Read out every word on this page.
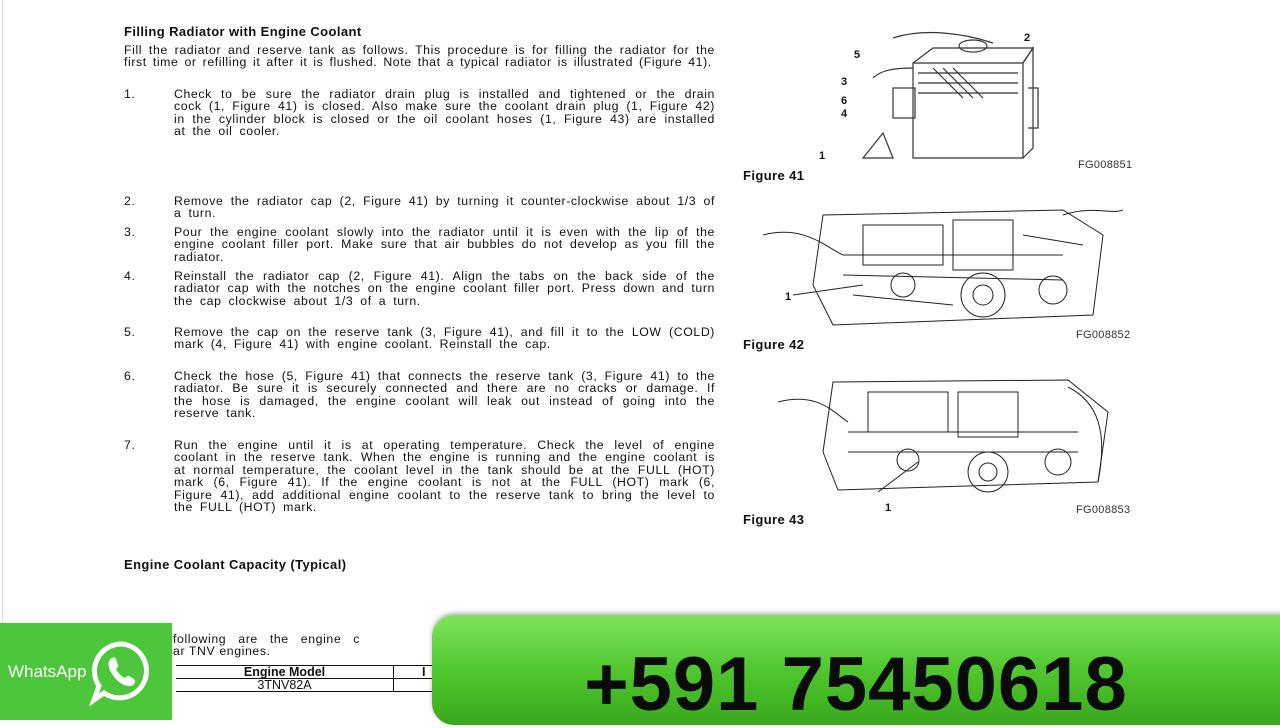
Filling Radiator with Engine Coolant
Fill the radiator and reserve tank as follows. This procedure is for filling the radiator for the first time or refilling it after it is flushed. Note that a typical radiator is illustrated (Figure 41).
1.	Check to be sure the radiator drain plug is installed and tightened or the drain cock (1, Figure 41) is closed. Also make sure the coolant drain plug (1, Figure 42) in the cylinder block is closed or the oil coolant hoses (1, Figure 43) are installed at the oil cooler.
2.	Remove the radiator cap (2, Figure 41) by turning it counter-clockwise about 1/3 of a turn.
3.	Pour the engine coolant slowly into the radiator until it is even with the lip of the engine coolant filler port. Make sure that air bubbles do not develop as you fill the radiator.
4.	Reinstall the radiator cap (2, Figure 41). Align the tabs on the back side of the radiator cap with the notches on the engine coolant filler port. Press down and turn the cap clockwise about 1/3 of a turn.
5.	Remove the cap on the reserve tank (3, Figure 41), and fill it to the LOW (COLD) mark (4, Figure 41) with engine coolant. Reinstall the cap.
6.	Check the hose (5, Figure 41) that connects the reserve tank (3, Figure 41) to the radiator. Be sure it is securely connected and there are no cracks or damage. If the hose is damaged, the engine coolant will leak out instead of going into the reserve tank.
7.	Run the engine until it is at operating temperature. Check the level of engine coolant in the reserve tank. When the engine is running and the engine coolant is at normal temperature, the coolant level in the tank should be at the FULL (HOT) mark (6, Figure 41). If the engine coolant is not at the FULL (HOT) mark (6, Figure 41), add additional engine coolant to the reserve tank to bring the level to the FULL (HOT) mark.
Engine Coolant Capacity (Typical)
following are the engine c
ar TNV engines.
Engine Model	I
3TNV82A
2
5
3
6
4
1
FG008851
Figure 41
1
FG008852
Figure 42
1	FG008853
Figure 43
WhatsApp	+591 75450618
